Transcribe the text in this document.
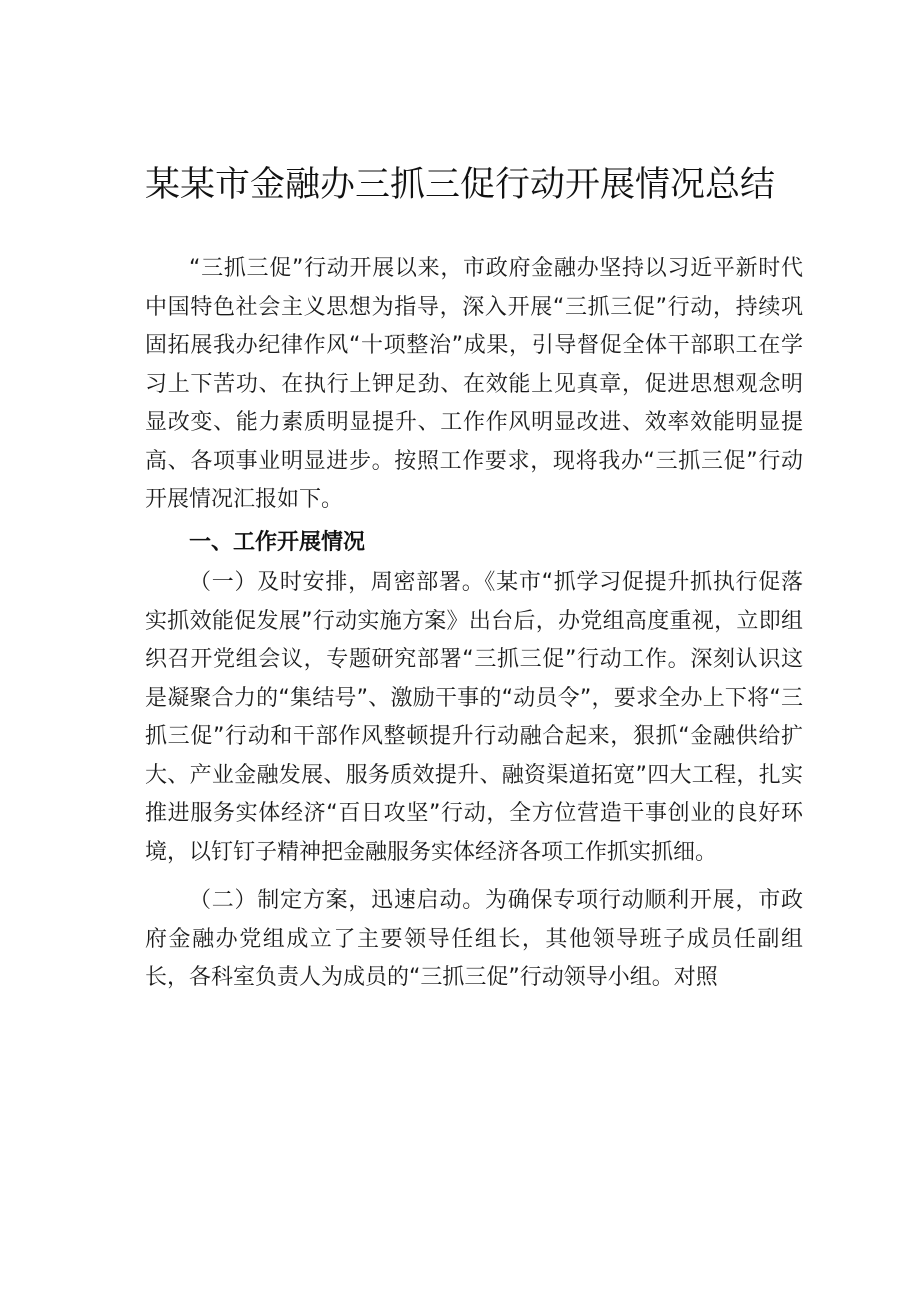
某某市金融办三抓三促行动开展情况总结

“三抓三促”行动开展以来，市政府金融办坚持以习近平新时代中国特色社会主义思想为指导，深入开展“三抓三促”行动，持续巩固拓展我办纪律作风“十项整治”成果，引导督促全体干部职工在学习上下苦功、在执行上钾足劲、在效能上见真章，促进思想观念明显改变、能力素质明显提升、工作作风明显改进、效率效能明显提高、各项事业明显进步。按照工作要求，现将我办“三抓三促”行动开展情况汇报如下。

一、工作开展情况

（一）及时安排，周密部署。《某市“抓学习促提升抓执行促落实抓效能促发展”行动实施方案》出台后，办党组高度重视，立即组织召开党组会议，专题研究部署“三抓三促”行动工作。深刻认识这是凝聚合力的“集结号”、激励干事的“动员令”，要求全办上下将“三抓三促”行动和干部作风整顿提升行动融合起来，狠抓“金融供给扩大、产业金融发展、服务质效提升、融资渠道拓宽”四大工程，扎实推进服务实体经济“百日攻坚”行动，全方位营造干事创业的良好环境，以钉钉子精神把金融服务实体经济各项工作抓实抓细。

（二）制定方案，迅速启动。为确保专项行动顺利开展，市政府金融办党组成立了主要领导任组长，其他领导班子成员任副组长，各科室负责人为成员的“三抓三促”行动领导小组。对照
